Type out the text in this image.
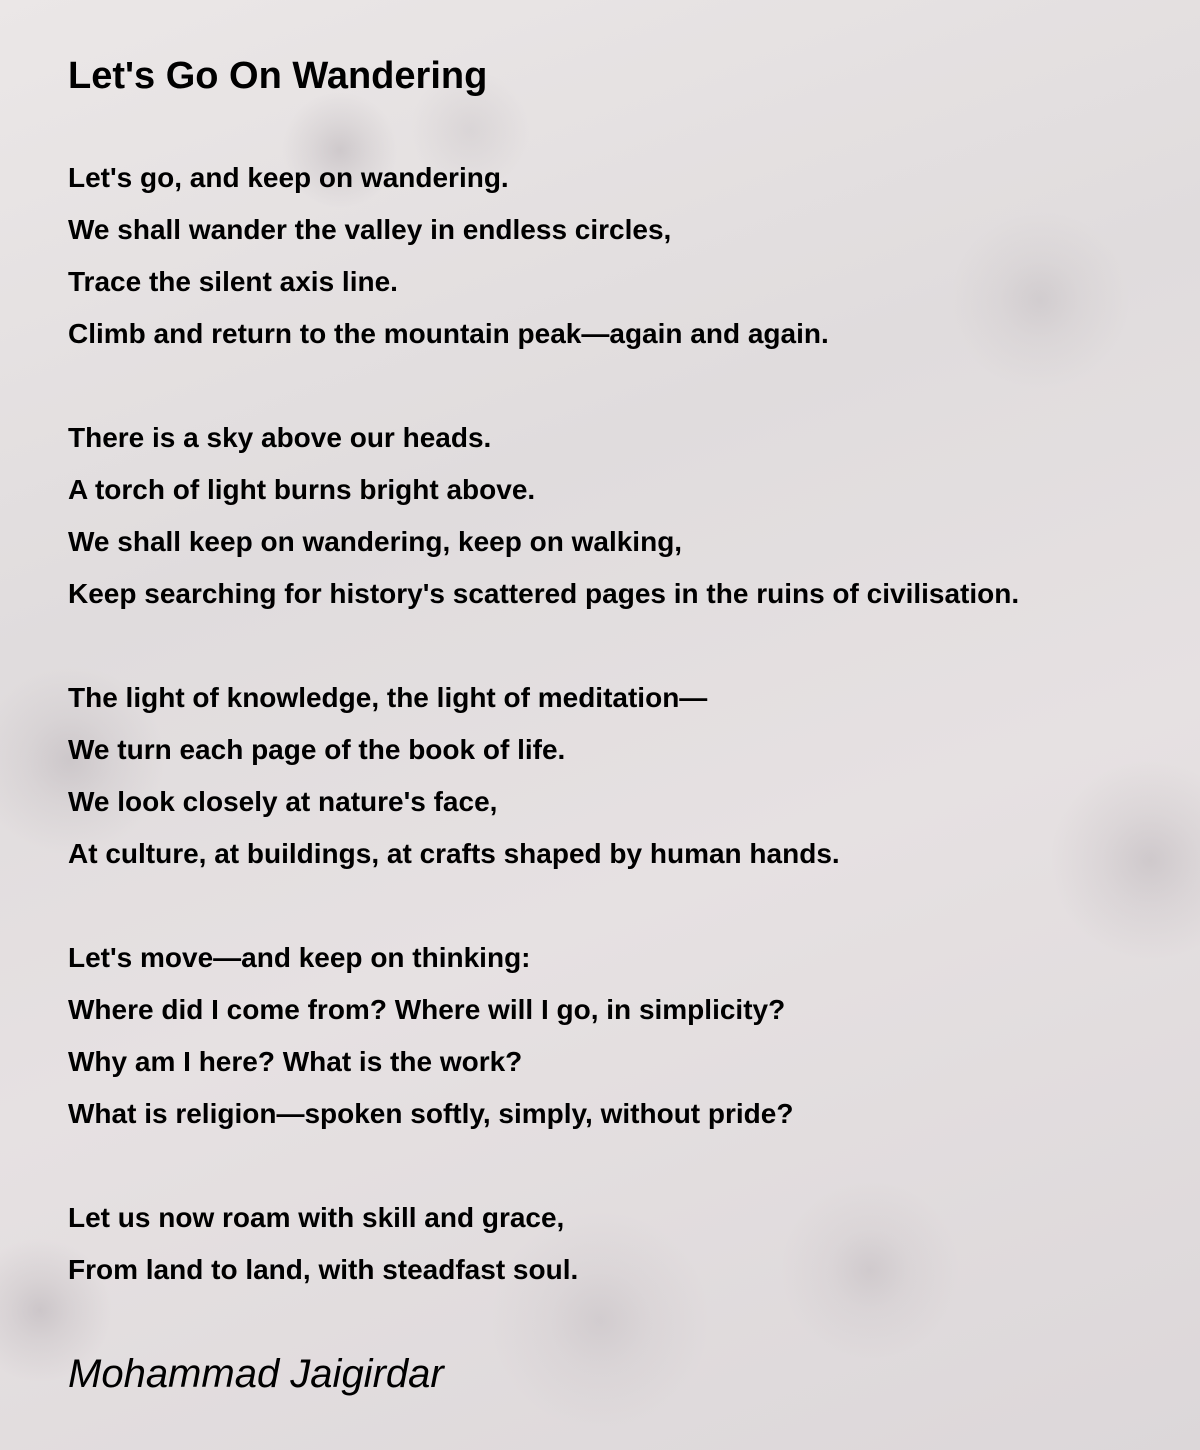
Let's Go On Wandering
Let's go, and keep on wandering.
We shall wander the valley in endless circles,
Trace the silent axis line.
Climb and return to the mountain peak—again and again.
There is a sky above our heads.
A torch of light burns bright above.
We shall keep on wandering, keep on walking,
Keep searching for history's scattered pages in the ruins of civilisation.
The light of knowledge, the light of meditation—
We turn each page of the book of life.
We look closely at nature's face,
At culture, at buildings, at crafts shaped by human hands.
Let's move—and keep on thinking:
Where did I come from? Where will I go, in simplicity?
Why am I here? What is the work?
What is religion—spoken softly, simply, without pride?
Let us now roam with skill and grace,
From land to land, with steadfast soul.
Mohammad Jaigirdar
